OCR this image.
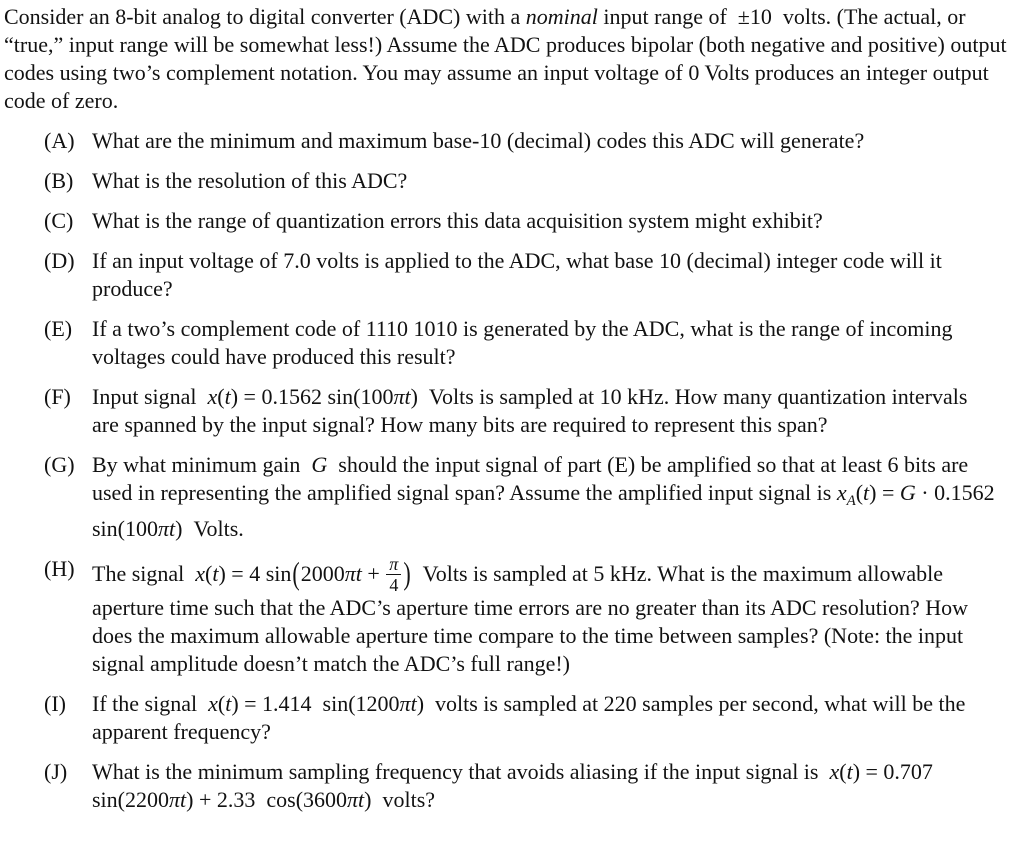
Consider an 8-bit analog to digital converter (ADC) with a nominal input range of ±10 volts. (The actual, or “true,” input range will be somewhat less!) Assume the ADC produces bipolar (both negative and positive) output codes using two’s complement notation. You may assume an input voltage of 0 Volts produces an integer output code of zero.

(A) What are the minimum and maximum base-10 (decimal) codes this ADC will generate?
(B) What is the resolution of this ADC?
(C) What is the range of quantization errors this data acquisition system might exhibit?
(D) If an input voltage of 7.0 volts is applied to the ADC, what base 10 (decimal) integer code will it produce?
(E) If a two’s complement code of 1110 1010 is generated by the ADC, what is the range of incoming voltages could have produced this result?
(F) Input signal x(t) = 0.1562 sin(100πt) Volts is sampled at 10 kHz. How many quantization intervals are spanned by the input signal? How many bits are required to represent this span?
(G) By what minimum gain G should the input signal of part (E) be amplified so that at least 6 bits are used in representing the amplified signal span? Assume the amplified input signal is $x_A(t) = G \cdot 0.1562$ sin(100πt) Volts.
(H) The signal x(t) = 4 $\sin(2000\pi t + \frac{\pi}{4}$ ) Volts is sampled at 5 kHz. What is the maximum allowable aperture time such that the ADC’s aperture time errors are no greater than its ADC resolution? How does the maximum allowable aperture time compare to the time between samples? (Note: the input signal amplitude doesn’t match the ADC’s full range!)
(I)	If the signal x(t) = 1.414 sin(1200πt) volts is sampled at 220 samples per second, what will be the apparent frequency?
(J)	What is the minimum sampling frequency that avoids aliasing if the input signal is x(t) = 0.707 sin(2200πt) + 2.33 cos(3600πt) volts?
